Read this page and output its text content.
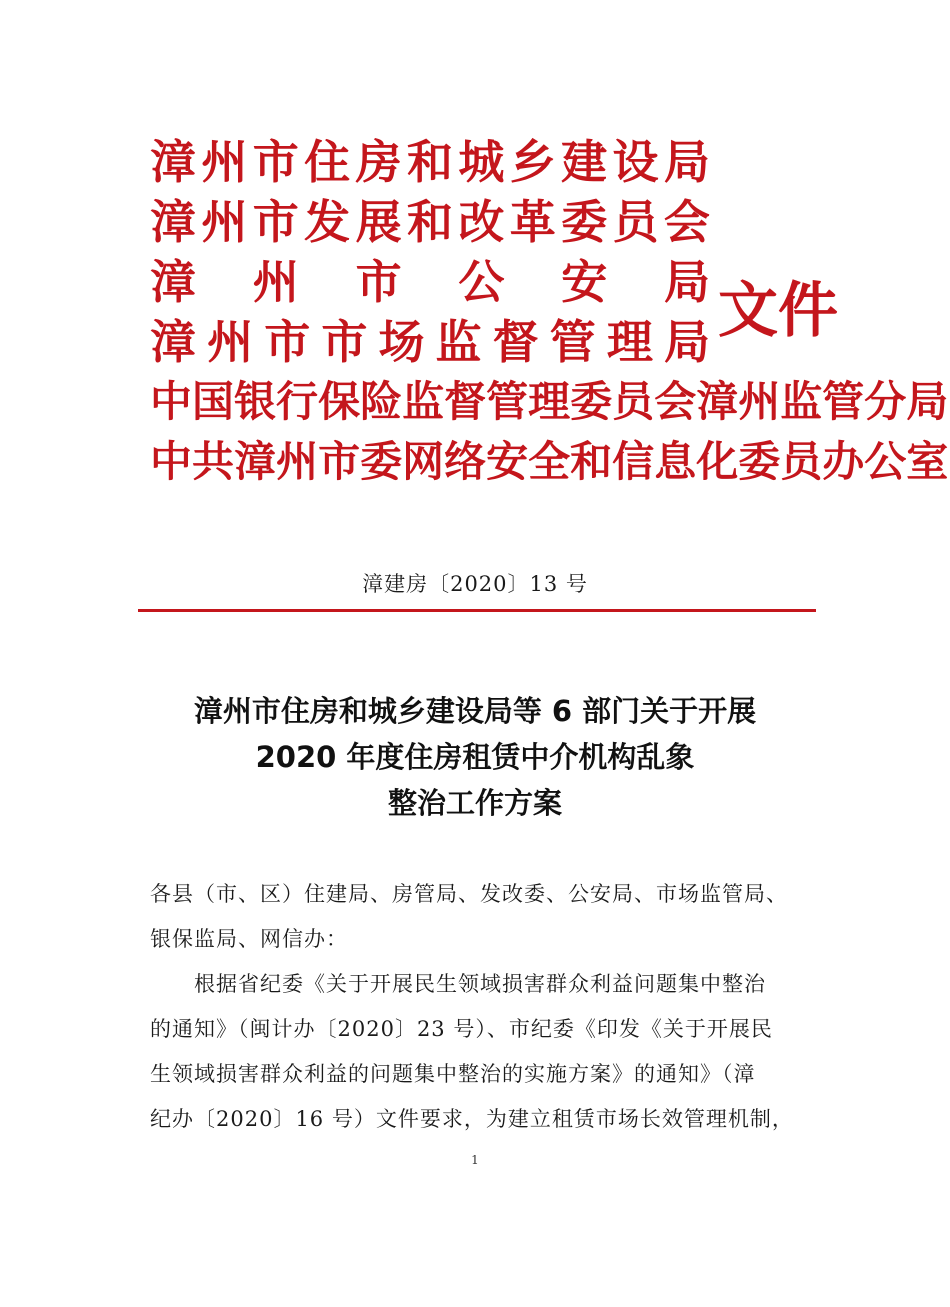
漳 州 市 住 房 和 城 乡 建 设 局
漳 州 市 发 展 和 改 革 委 员 会
漳 州 市 公 安 局
漳 州 市 市 场 监 督 管 理 局
中 国 银 行 保 险 监 督 管 理 委 员 会 漳 州 监 管 分 局
中 共 漳 州 市 委 网 络 安 全 和 信 息 化 委 员 办 公 室
文件
漳建房〔2020〕13 号
漳州市住房和城乡建设局等 6 部门关于开展
2020 年度住房租赁中介机构乱象
整治工作方案

各县（市、区）住建局、房管局、发改委、公安局、市场监管局、

银保监局、网信办：

根据省纪委《关于开展民生领域损害群众利益问题集中整治

的通知》（闽计办〔2020〕23 号）、市纪委《印发《关于开展民

生领域损害群众利益的问题集中整治的实施方案》的通知》（漳

纪办〔2020〕16 号）文件要求，为建立租赁市场长效管理机制，

1
